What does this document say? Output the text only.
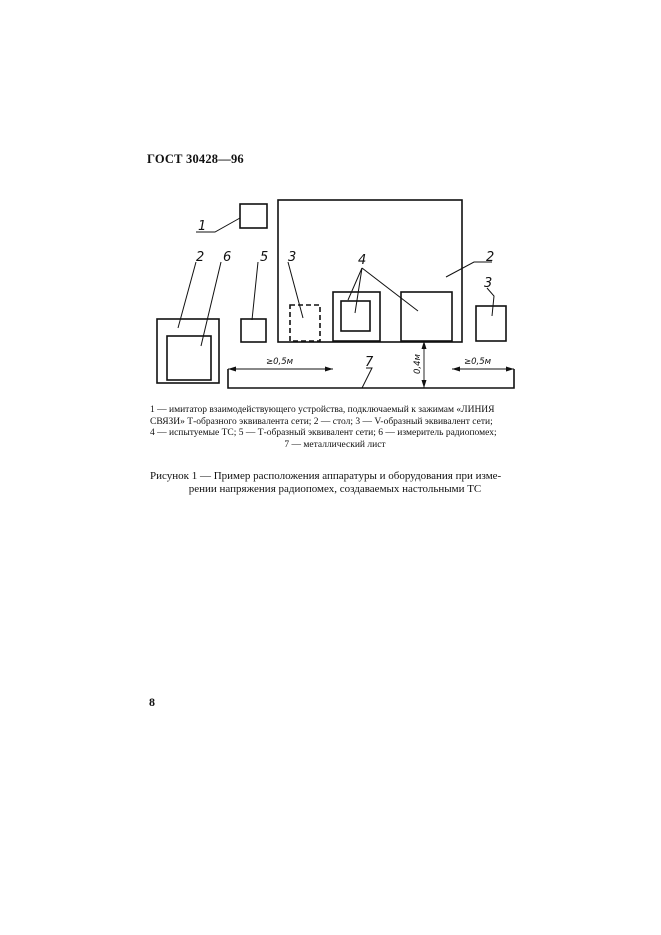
ГОСТ 30428—96
1
2 6 5 3	4	2
3
7
≥0,5м	≥0,5м
0,4м
1 — имитатор взаимодействующего устройства, подключаемый к зажимам «ЛИНИЯ
СВЯЗИ» Т-образного эквивалента сети; 2 — стол; 3 — V-образный эквивалент сети;
4 — испытуемые ТС; 5 — Т-образный эквивалент сети; 6 — измеритель радиопомех;
7 — металлический лист
Рисунок 1 — Пример расположения аппаратуры и оборудования при изме-
рении напряжения радиопомех, создаваемых настольными ТС
8
